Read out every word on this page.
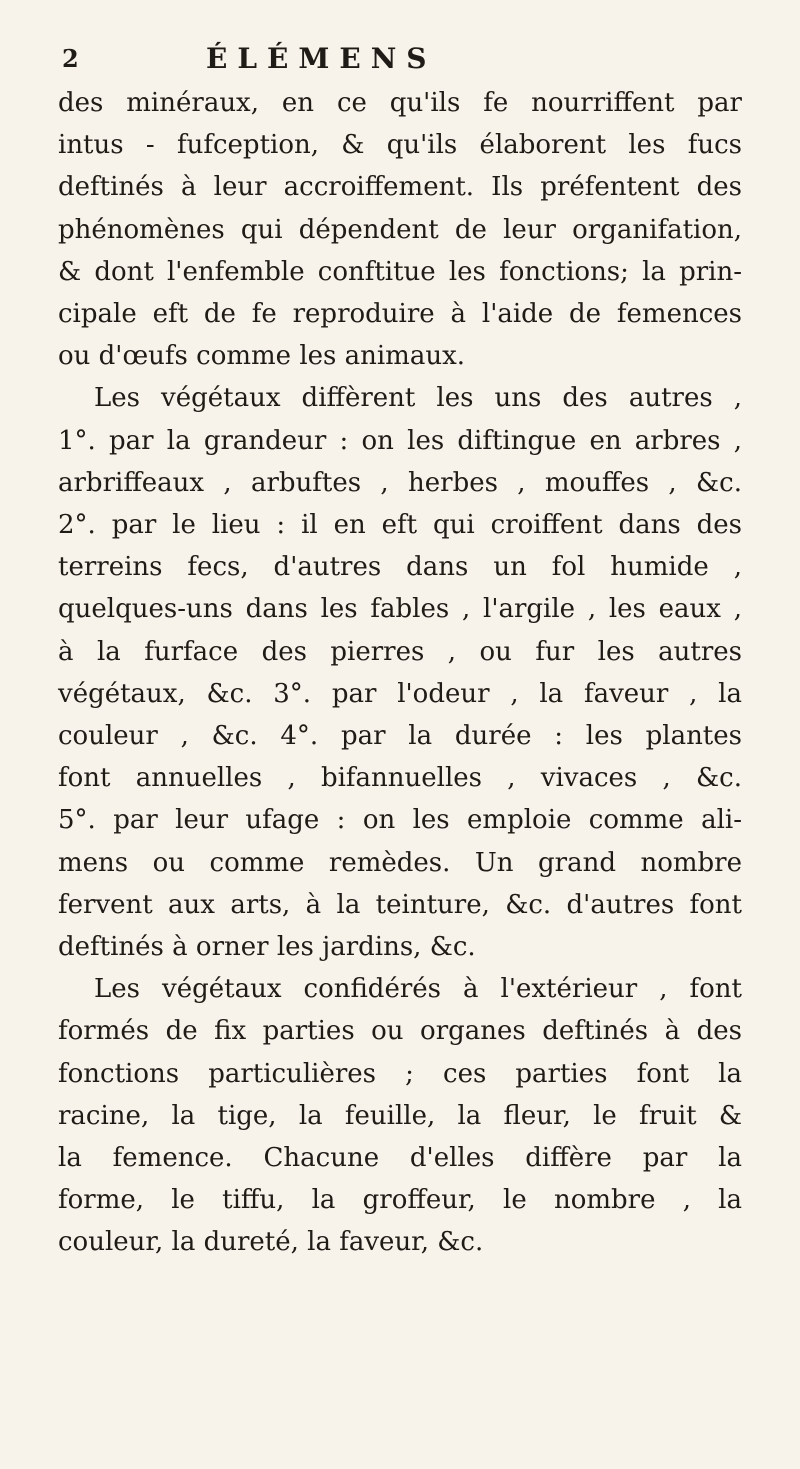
2	ÉLÉMENS
des minéraux, en ce qu'ils fe nourriffent par
intus - fufception, & qu'ils élaborent les fucs
deftinés à leur accroiffement. Ils préfentent des
phénomènes qui dépendent de leur organifation,
& dont l'enfemble conftitue les fonctions; la prin-
cipale eft de fe reproduire à l'aide de femences
ou d'œufs comme les animaux.
Les végétaux diffèrent les uns des autres ,
1°. par la grandeur : on les diftingue en arbres ,
arbriffeaux , arbuftes , herbes , mouffes , &c.
2°. par le lieu : il en eft qui croiffent dans des
terreins fecs, d'autres dans un fol humide ,
quelques-uns dans les fables , l'argile , les eaux ,
à la furface des pierres , ou fur les autres
végétaux, &c. 3°. par l'odeur , la faveur , la
couleur , &c. 4°. par la durée : les plantes
font annuelles , bifannuelles , vivaces , &c.
5°. par leur ufage : on les emploie comme ali-
mens ou comme remèdes. Un grand nombre
fervent aux arts, à la teinture, &c. d'autres font
deftinés à orner les jardins, &c.
Les végétaux confidérés à l'extérieur , font
formés de fix parties ou organes deftinés à des
fonctions particulières ; ces parties font la
racine, la tige, la feuille, la fleur, le fruit &
la femence. Chacune d'elles diffère par la
forme, le tiffu, la groffeur, le nombre , la
couleur, la dureté, la faveur, &c.
